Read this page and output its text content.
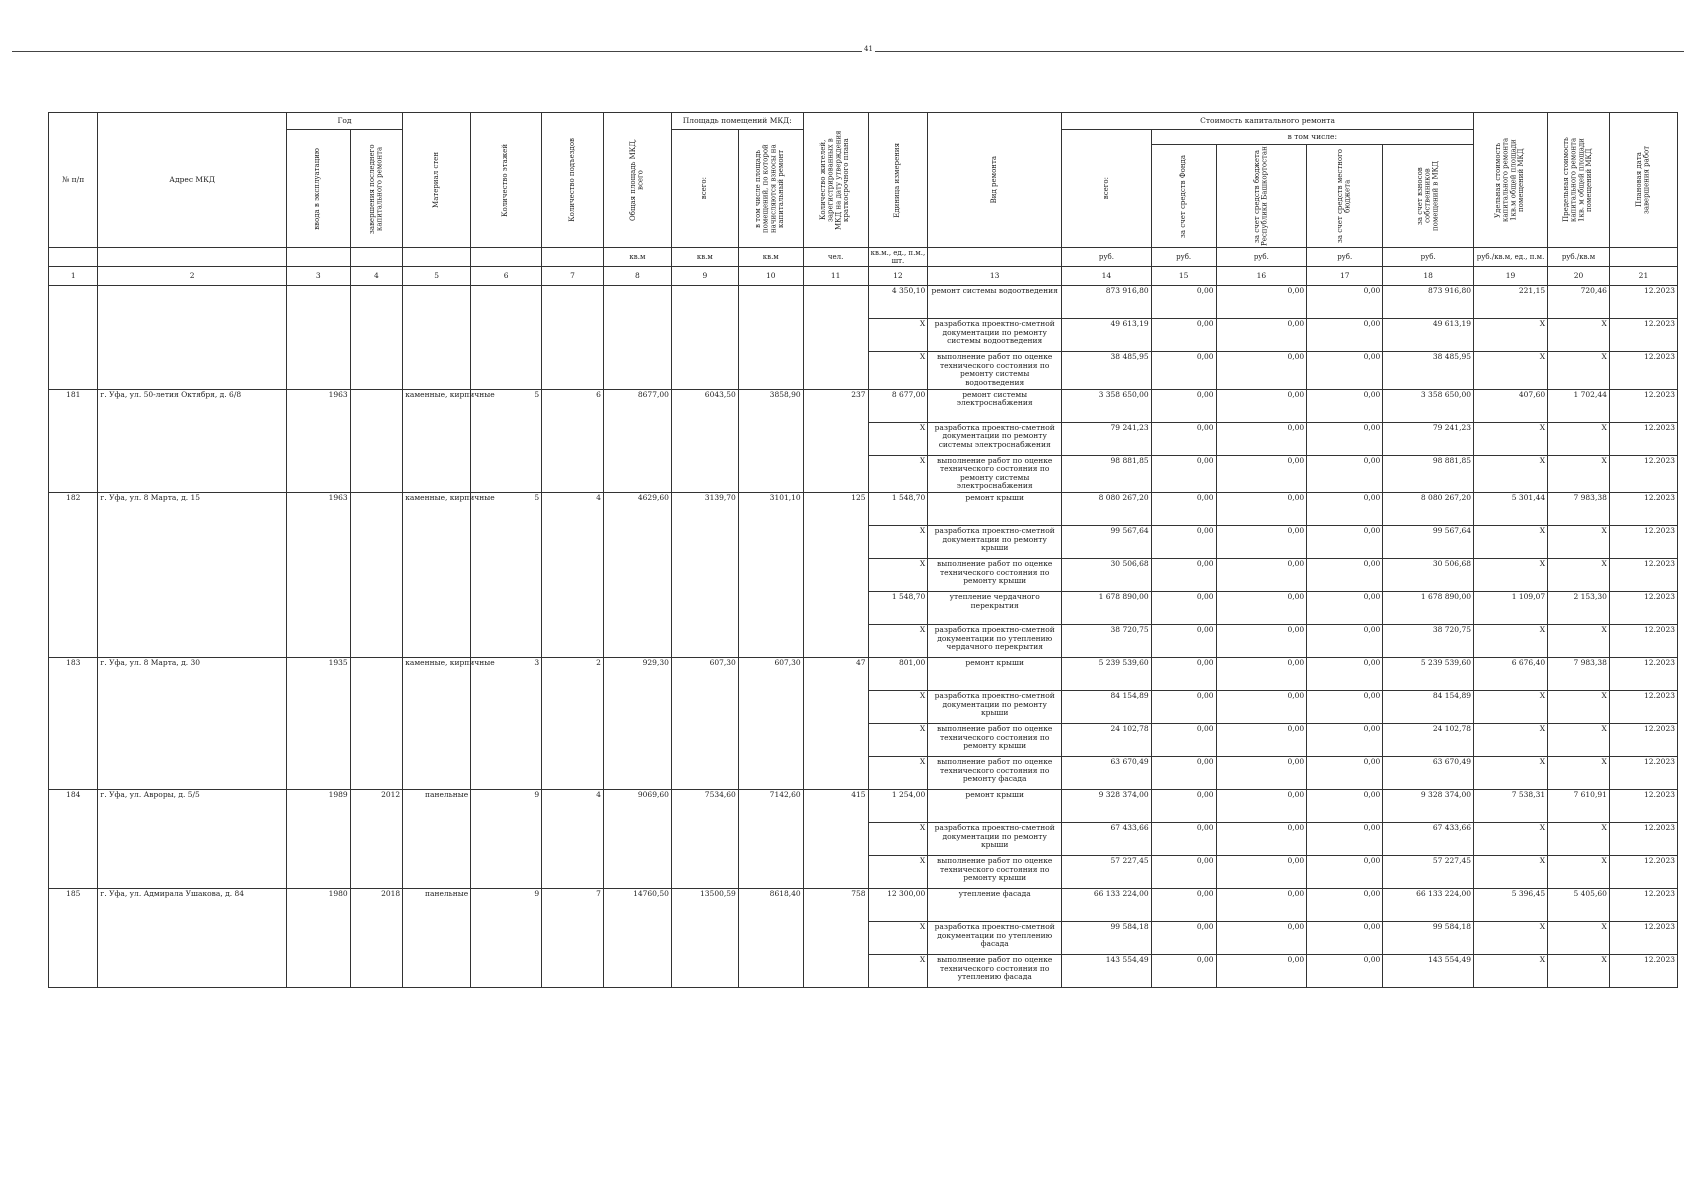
41
№ п/п	Адрес МКД	Год		Материал стен	Количество этажей	Количество подъездов	Общая площадь МКД, всего	Площадь помещений МКД:		Количество жителей, зарегистрированных в МКД на дату утверждения краткосрочного плана	Единица измерения	Вид ремонта	Стоимость капитального ремонта					Удельная стоимость капитального ремонта 1кв.м общей площади помещений МКД	Предельная стоимость капитального ремонта 1кв. м общей площади помещений МКД	Плановая дата завершения работ

		ввода в эксплуатацию	завершения последнего капитального ремонта					всего:	в том числе площадь помещений, по которой начисляются взносы на капитальный ремонт				всего:	в том числе:						

														за счет средств Фонда	за счет средств бюджета Республики Башкортостан	за счет средств местного бюджета	за счет взносов собственников помещений в МКД			

							кв.м	кв.м	кв.м	чел.	кв.м., ед., п.м., шт.		руб.	руб.	руб.	руб.	руб.	руб./кв.м, ед., п.м.	руб./кв.м	
1	2	3	4	5	6	7	8	9	10	11	12	13	14	15	16	17	18	19	20	21
											4 350,10	ремонт системы водоотведения	873 916,80	0,00	0,00	0,00	873 916,80	221,15	720,46	12.2023
											X	разработка проектно-сметной документации по ремонту системы водоотведения	49 613,19	0,00	0,00	0,00	49 613,19	X	X	12.2023
											X	выполнение работ по оценке технического состояния по ремонту системы водоотведения	38 485,95	0,00	0,00	0,00	38 485,95	X	X	12.2023
181	г. Уфа, ул. 50-летия Октября, д. 6/8	1963		каменные, кирпичные	5	6	8677,00	6043,50	3858,90	237	8 677,00	ремонт системы электроснабжения	3 358 650,00	0,00	0,00	0,00	3 358 650,00	407,60	1 702,44	12.2023
											X	разработка проектно-сметной документации по ремонту системы электроснабжения	79 241,23	0,00	0,00	0,00	79 241,23	X	X	12.2023
											X	выполнение работ по оценке технического состояния по ремонту системы электроснабжения	98 881,85	0,00	0,00	0,00	98 881,85	X	X	12.2023
182	г. Уфа, ул. 8 Марта, д. 15	1963		каменные, кирпичные	5	4	4629,60	3139,70	3101,10	125	1 548,70	ремонт крыши	8 080 267,20	0,00	0,00	0,00	8 080 267,20	5 301,44	7 983,38	12.2023
											X	разработка проектно-сметной документации по ремонту крыши	99 567,64	0,00	0,00	0,00	99 567,64	X	X	12.2023
											X	выполнение работ по оценке технического состояния по ремонту крыши	30 506,68	0,00	0,00	0,00	30 506,68	X	X	12.2023
											1 548,70	утепление чердачного перекрытия	1 678 890,00	0,00	0,00	0,00	1 678 890,00	1 109,07	2 153,30	12.2023
											X	разработка проектно-сметной документации по утеплению чердачного перекрытия	38 720,75	0,00	0,00	0,00	38 720,75	X	X	12.2023
183	г. Уфа, ул. 8 Марта, д. 30	1935		каменные, кирпичные	3	2	929,30	607,30	607,30	47	801,00	ремонт крыши	5 239 539,60	0,00	0,00	0,00	5 239 539,60	6 676,40	7 983,38	12.2023
											X	разработка проектно-сметной документации по ремонту крыши	84 154,89	0,00	0,00	0,00	84 154,89	X	X	12.2023
											X	выполнение работ по оценке технического состояния по ремонту крыши	24 102,78	0,00	0,00	0,00	24 102,78	X	X	12.2023
											X	выполнение работ по оценке технического состояния по ремонту фасада	63 670,49	0,00	0,00	0,00	63 670,49	X	X	12.2023
184	г. Уфа, ул. Авроры, д. 5/5	1989	2012	панельные	9	4	9069,60	7534,60	7142,60	415	1 254,00	ремонт крыши	9 328 374,00	0,00	0,00	0,00	9 328 374,00	7 538,31	7 610,91	12.2023
											X	разработка проектно-сметной документации по ремонту крыши	67 433,66	0,00	0,00	0,00	67 433,66	X	X	12.2023
											X	выполнение работ по оценке технического состояния по ремонту крыши	57 227,45	0,00	0,00	0,00	57 227,45	X	X	12.2023
185	г. Уфа, ул. Адмирала Ушакова, д. 84	1980	2018	панельные	9	7	14760,50	13500,59	8618,40	758	12 300,00	утепление фасада	66 133 224,00	0,00	0,00	0,00	66 133 224,00	5 396,45	5 405,60	12.2023
											X	разработка проектно-сметной документации по утеплению фасада	99 584,18	0,00	0,00	0,00	99 584,18	X	X	12.2023
											X	выполнение работ по оценке технического состояния по утеплению фасада	143 554,49	0,00	0,00	0,00	143 554,49	X	X	12.2023
